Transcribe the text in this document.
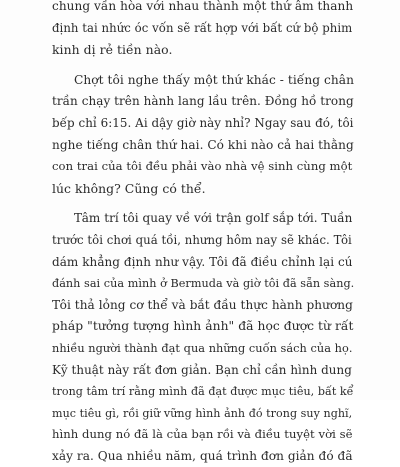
chung vần hòa với nhau thành một thứ âm thanh
định tai nhức óc vốn sẽ rất hợp với bất cứ bộ phim
kinh dị rẻ tiền nào.

Chợt tôi nghe thấy một thứ khác - tiếng chân
trần chạy trên hành lang lầu trên. Đồng hồ trong
bếp chỉ 6:15. Ai dậy giờ này nhỉ? Ngay sau đó, tôi
nghe tiếng chân thứ hai. Có khi nào cả hai thằng
con trai của tôi đều phải vào nhà vệ sinh cùng một
lúc không? Cũng có thể.

Tâm trí tôi quay về với trận golf sắp tới. Tuần
trước tôi chơi quá tồi, nhưng hôm nay sẽ khác. Tôi
dám khẳng định như vậy. Tôi đã điều chỉnh lại cú
đánh sai của mình ở Bermuda và giờ tôi đã sẵn sàng.
Tôi thả lỏng cơ thể và bắt đầu thực hành phương
pháp "tưởng tượng hình ảnh" đã học được từ rất
nhiều người thành đạt qua những cuốn sách của họ.
Kỹ thuật này rất đơn giản. Bạn chỉ cần hình dung
trong tâm trí rằng mình đã đạt được mục tiêu, bất kể
mục tiêu gì, rồi giữ vững hình ảnh đó trong suy nghĩ,
hình dung nó đã là của bạn rồi và điều tuyệt vời sẽ
xảy ra. Qua nhiều năm, quá trình đơn giản đó đã
